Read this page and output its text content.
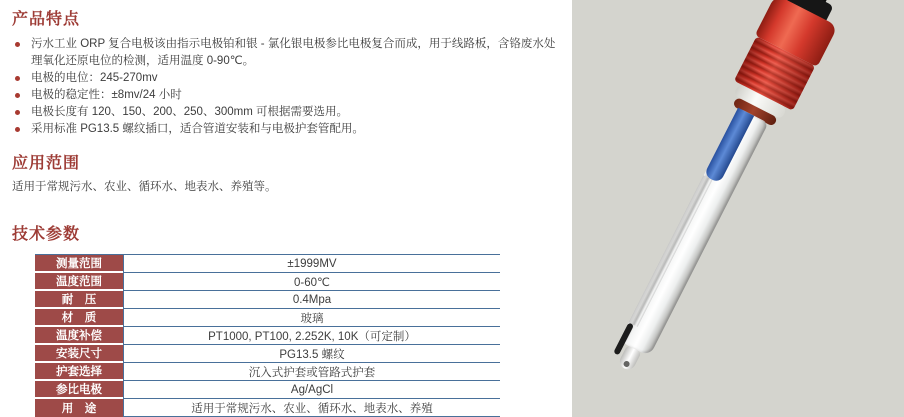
产品特点
污水工业 ORP 复合电极该由指示电极铂和银 - 氯化银电极参比电极复合而成，用于线路板，含铬废水处理氧化还原电位的检测，适用温度 0-90℃。
电极的电位：245-270mv
电极的稳定性：±8mv/24 小时
电极长度有 120、150、200、250、300mm 可根据需要选用。
采用标准 PG13.5 螺纹插口，适合管道安装和与电极护套管配用。
应用范围

适用于常规污水、农业、循环水、地表水、养殖等。

技术参数
测量范围	±1999MV
温度范围	0-60℃
耐　压	0.4Mpa
材　质	玻璃
温度补偿	PT1000, PT100, 2.252K, 10K（可定制）
安装尺寸	PG13.5 螺纹
护套选择	沉入式护套或管路式护套
参比电极	Ag/AgCl
用　途	适用于常规污水、农业、循环水、地表水、养殖
